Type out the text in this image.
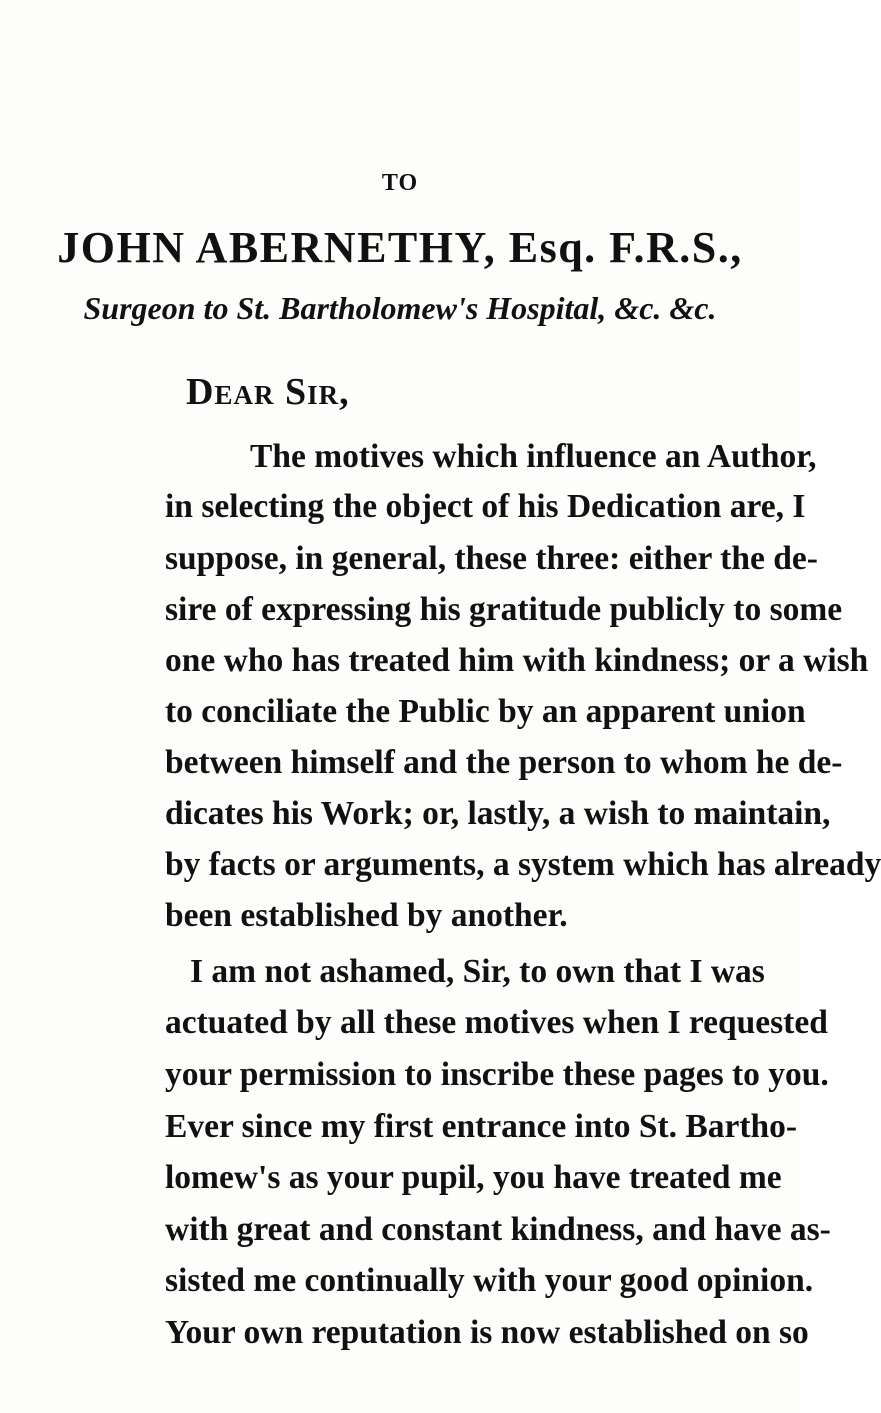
TO
JOHN ABERNETHY, Esq. F.R.S.,
Surgeon to St. Bartholomew's Hospital, &c. &c.
Dear Sir,
The motives which influence an Author,
in selecting the object of his Dedication are, I
suppose, in general, these three: either the de-
sire of expressing his gratitude publicly to some
one who has treated him with kindness; or a wish
to conciliate the Public by an apparent union
between himself and the person to whom he de-
dicates his Work; or, lastly, a wish to maintain,
by facts or arguments, a system which has already
been established by another.
I am not ashamed, Sir, to own that I was
actuated by all these motives when I requested
your permission to inscribe these pages to you.
Ever since my first entrance into St. Bartho-
lomew's as your pupil, you have treated me
with great and constant kindness, and have as-
sisted me continually with your good opinion.
Your own reputation is now established on so
